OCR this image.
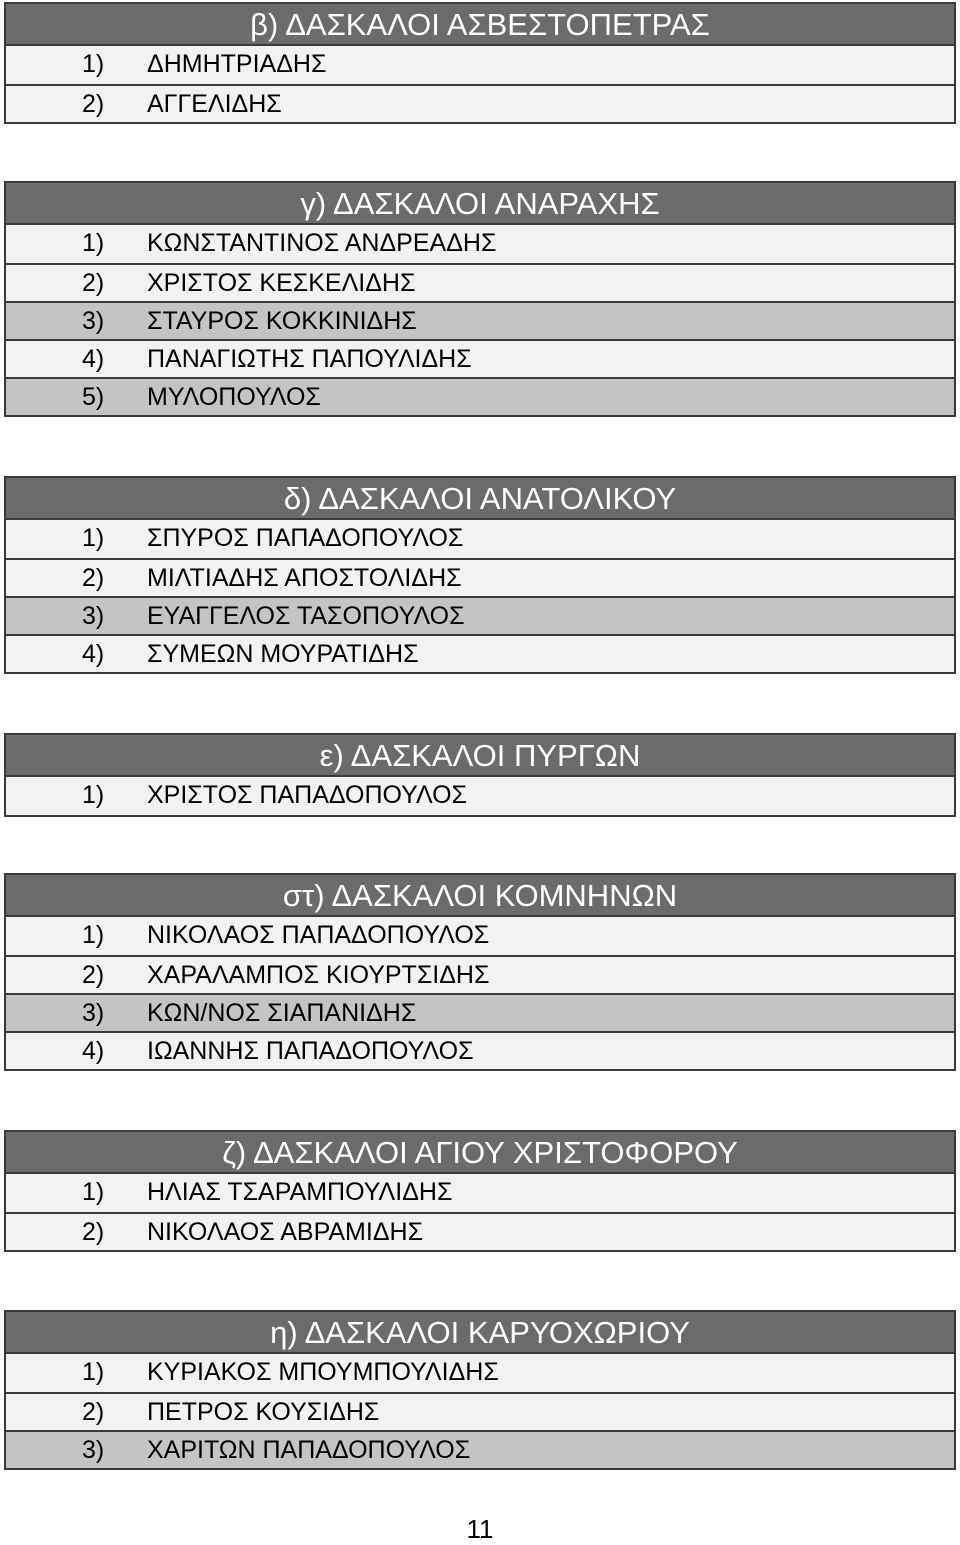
β) ΔΑΣΚΑΛΟΙ ΑΣΒΕΣΤΟΠΕΤΡΑΣ
1) ΔΗΜΗΤΡΙΑΔΗΣ
2) ΑΓΓΕΛΙΔΗΣ
γ) ΔΑΣΚΑΛΟΙ ΑΝΑΡΑΧΗΣ
1) ΚΩΝΣΤΑΝΤΙΝΟΣ ΑΝΔΡΕΑΔΗΣ
2) ΧΡΙΣΤΟΣ ΚΕΣΚΕΛΙΔΗΣ
3) ΣΤΑΥΡΟΣ ΚΟΚΚΙΝΙΔΗΣ
4) ΠΑΝΑΓΙΩΤΗΣ ΠΑΠΟΥΛΙΔΗΣ
5) ΜΥΛΟΠΟΥΛΟΣ
δ) ΔΑΣΚΑΛΟΙ ΑΝΑΤΟΛΙΚΟΥ
1) ΣΠΥΡΟΣ ΠΑΠΑΔΟΠΟΥΛΟΣ
2) ΜΙΛΤΙΑΔΗΣ ΑΠΟΣΤΟΛΙΔΗΣ
3) ΕΥΑΓΓΕΛΟΣ ΤΑΣΟΠΟΥΛΟΣ
4) ΣΥΜΕΩΝ ΜΟΥΡΑΤΙΔΗΣ
ε) ΔΑΣΚΑΛΟΙ ΠΥΡΓΩΝ
1) ΧΡΙΣΤΟΣ ΠΑΠΑΔΟΠΟΥΛΟΣ
στ) ΔΑΣΚΑΛΟΙ ΚΟΜΝΗΝΩΝ
1) ΝΙΚΟΛΑΟΣ ΠΑΠΑΔΟΠΟΥΛΟΣ
2) ΧΑΡΑΛΑΜΠΟΣ ΚΙΟΥΡΤΣΙΔΗΣ
3) ΚΩΝ/ΝΟΣ ΣΙΑΠΑΝΙΔΗΣ
4) ΙΩΑΝΝΗΣ ΠΑΠΑΔΟΠΟΥΛΟΣ
ζ) ΔΑΣΚΑΛΟΙ ΑΓΙΟΥ ΧΡΙΣΤΟΦΟΡΟΥ
1) ΗΛΙΑΣ ΤΣΑΡΑΜΠΟΥΛΙΔΗΣ
2) ΝΙΚΟΛΑΟΣ ΑΒΡΑΜΙΔΗΣ
η) ΔΑΣΚΑΛΟΙ ΚΑΡΥΟΧΩΡΙΟΥ
1) ΚΥΡΙΑΚΟΣ ΜΠΟΥΜΠΟΥΛΙΔΗΣ
2) ΠΕΤΡΟΣ ΚΟΥΣΙΔΗΣ
3) ΧΑΡΙΤΩΝ ΠΑΠΑΔΟΠΟΥΛΟΣ
11
